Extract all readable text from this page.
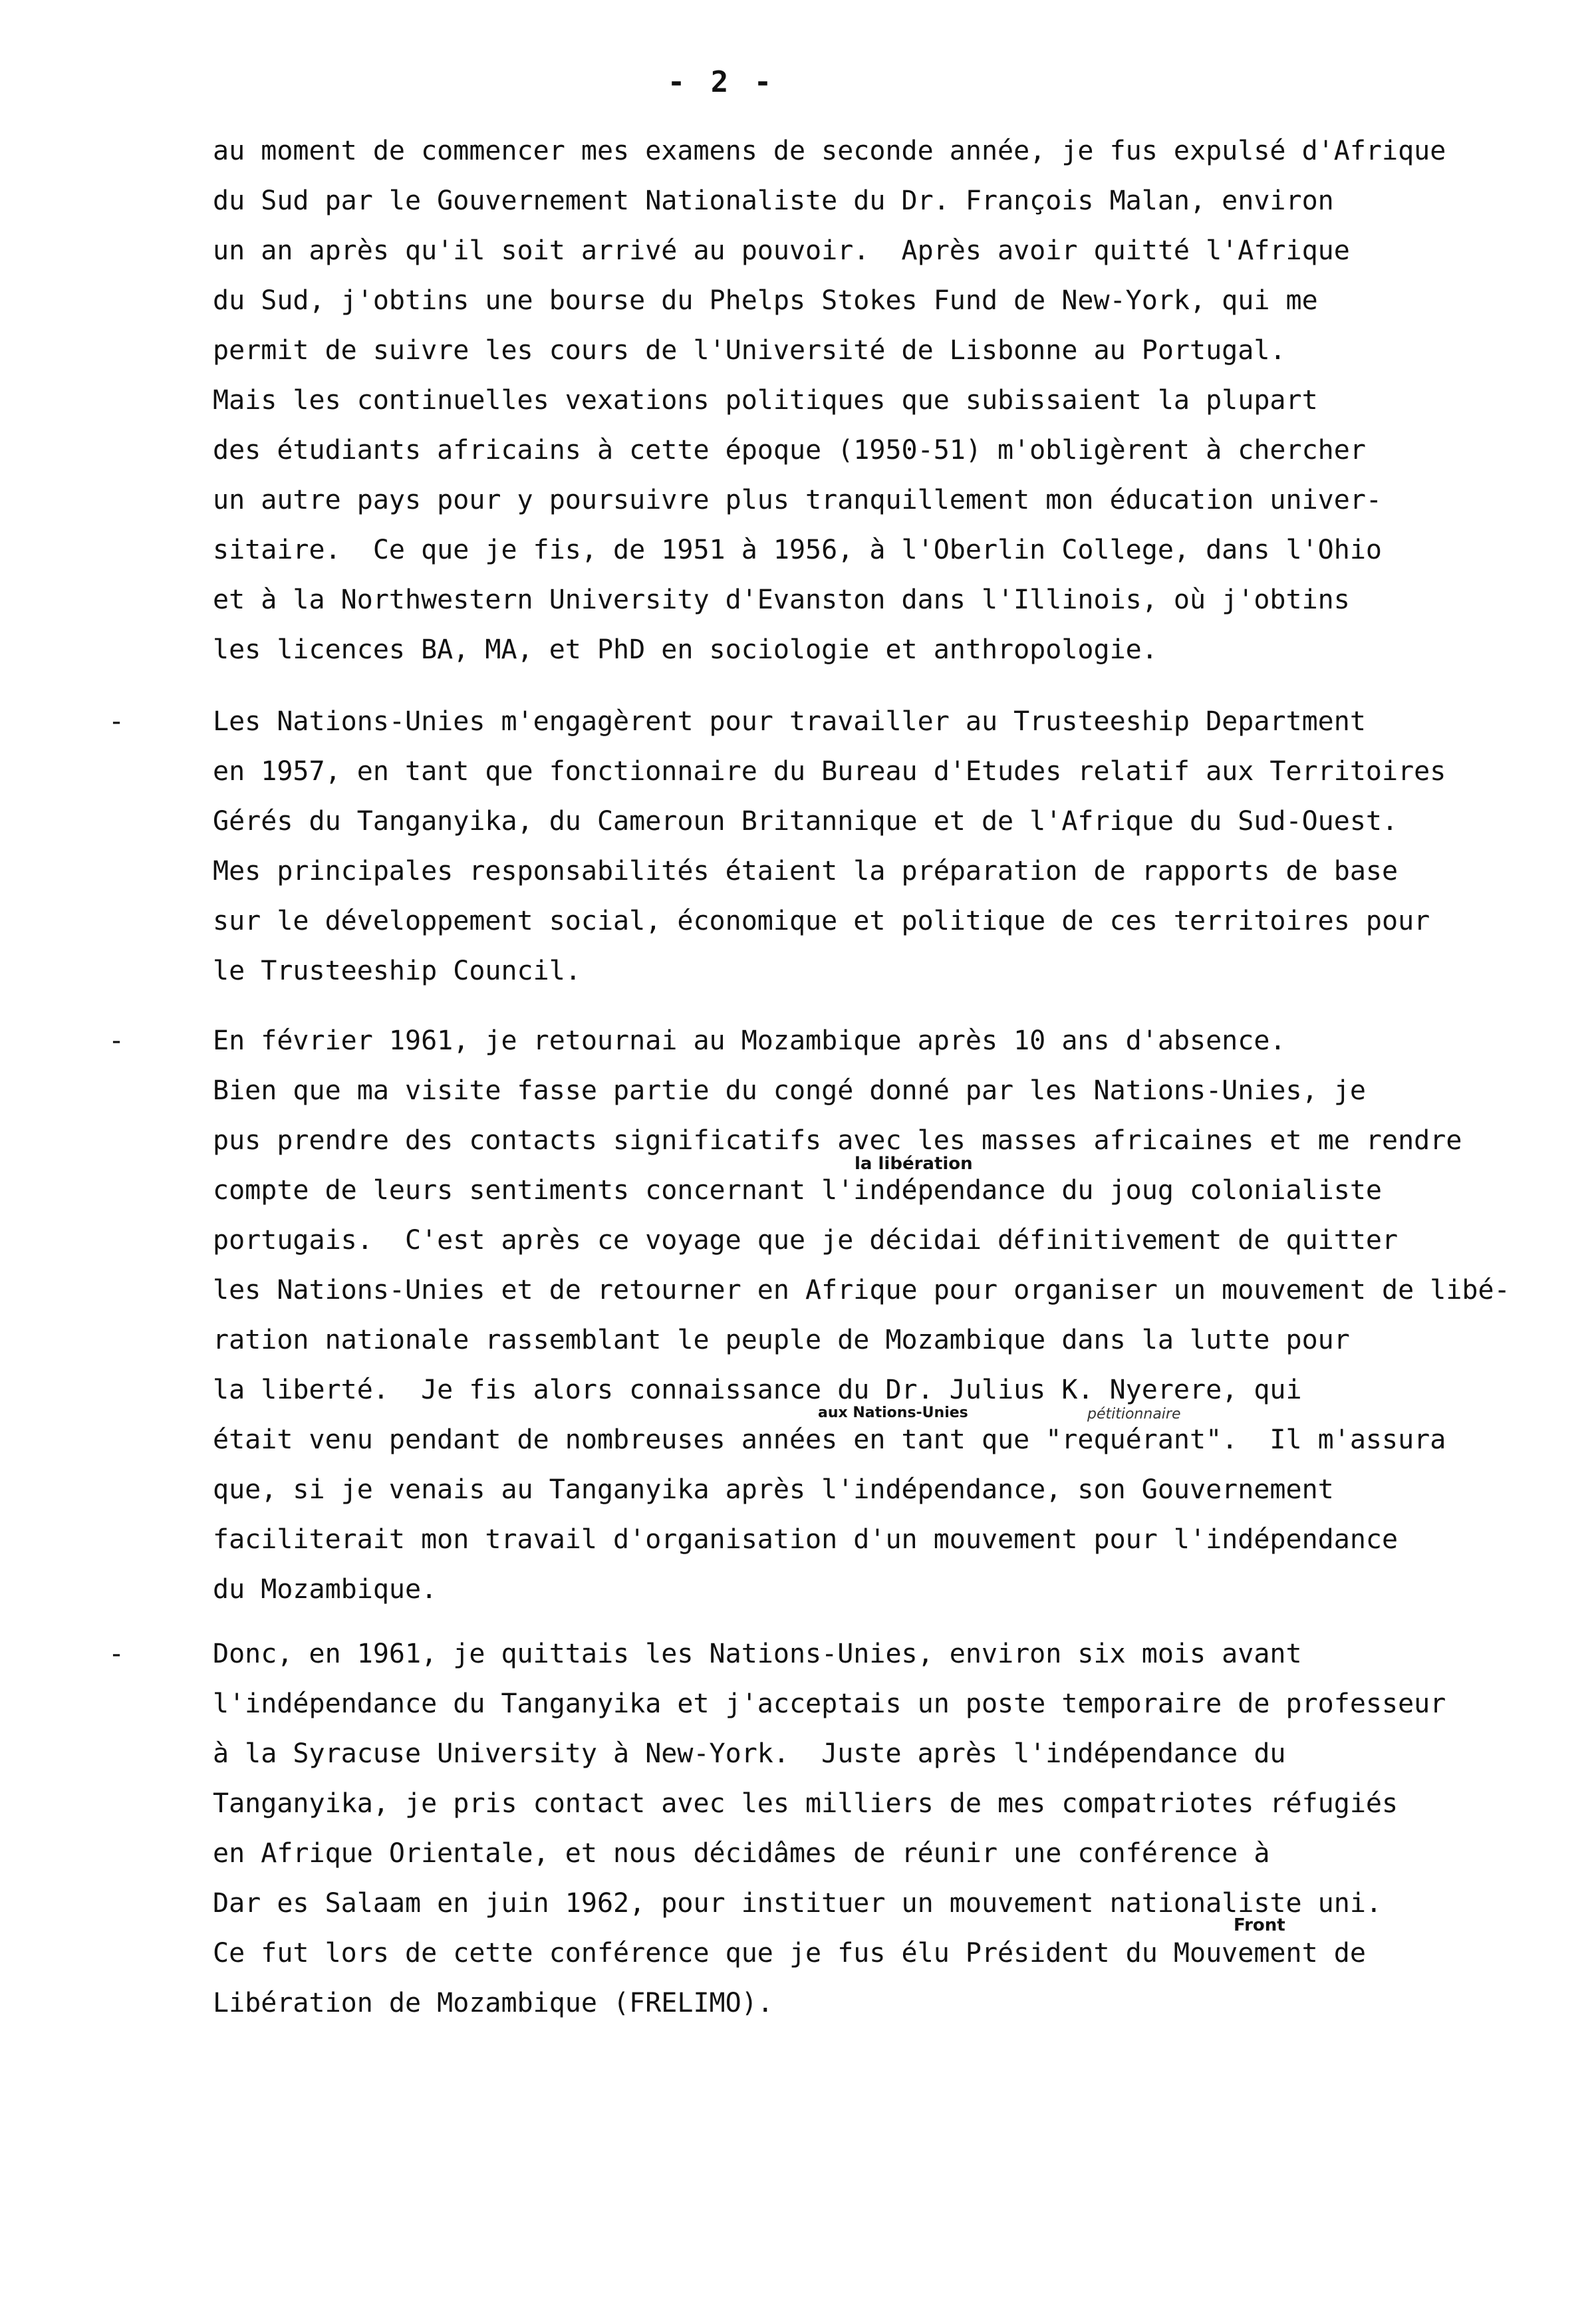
- 2 -
au moment de commencer mes examens de seconde année, je fus expulsé d'Afrique
du Sud par le Gouvernement Nationaliste du Dr. François Malan, environ
un an après qu'il soit arrivé au pouvoir.  Après avoir quitté l'Afrique
du Sud, j'obtins une bourse du Phelps Stokes Fund de New-York, qui me
permit de suivre les cours de l'Université de Lisbonne au Portugal.
Mais les continuelles vexations politiques que subissaient la plupart
des étudiants africains à cette époque (1950-51) m'obligèrent à chercher
un autre pays pour y poursuivre plus tranquillement mon éducation univer-
sitaire.  Ce que je fis, de 1951 à 1956, à l'Oberlin College, dans l'Ohio
et à la Northwestern University d'Evanston dans l'Illinois, où j'obtins
les licences BA, MA, et PhD en sociologie et anthropologie.
-	Les Nations-Unies m'engagèrent pour travailler au Trusteeship Department
en 1957, en tant que fonctionnaire du Bureau d'Etudes relatif aux Territoires
Gérés du Tanganyika, du Cameroun Britannique et de l'Afrique du Sud-Ouest.
Mes principales responsabilités étaient la préparation de rapports de base
sur le développement social, économique et politique de ces territoires pour
le Trusteeship Council.
-	En février 1961, je retournai au Mozambique après 10 ans d'absence.
Bien que ma visite fasse partie du congé donné par les Nations-Unies, je
pus prendre des contacts significatifs avec les masses africaines et me rendre
compte de leurs sentiments concernant l'indépendance du joug colonialiste
portugais.  C'est après ce voyage que je décidai définitivement de quitter
les Nations-Unies et de retourner en Afrique pour organiser un mouvement de libé-
ration nationale rassemblant le peuple de Mozambique dans la lutte pour
la liberté.  Je fis alors connaissance du Dr. Julius K. Nyerere, qui
était venu pendant de nombreuses années en tant que "requérant".  Il m'assura
que, si je venais au Tanganyika après l'indépendance, son Gouvernement
faciliterait mon travail d'organisation d'un mouvement pour l'indépendance
du Mozambique.
la libération
aux Nations-Unies	pétitionnaire
-	Donc, en 1961, je quittais les Nations-Unies, environ six mois avant
l'indépendance du Tanganyika et j'acceptais un poste temporaire de professeur
à la Syracuse University à New-York.  Juste après l'indépendance du
Tanganyika, je pris contact avec les milliers de mes compatriotes réfugiés
en Afrique Orientale, et nous décidâmes de réunir une conférence à
Dar es Salaam en juin 1962, pour instituer un mouvement nationaliste uni.
Ce fut lors de cette conférence que je fus élu Président du Mouvement de
Libération de Mozambique (FRELIMO).
Front
